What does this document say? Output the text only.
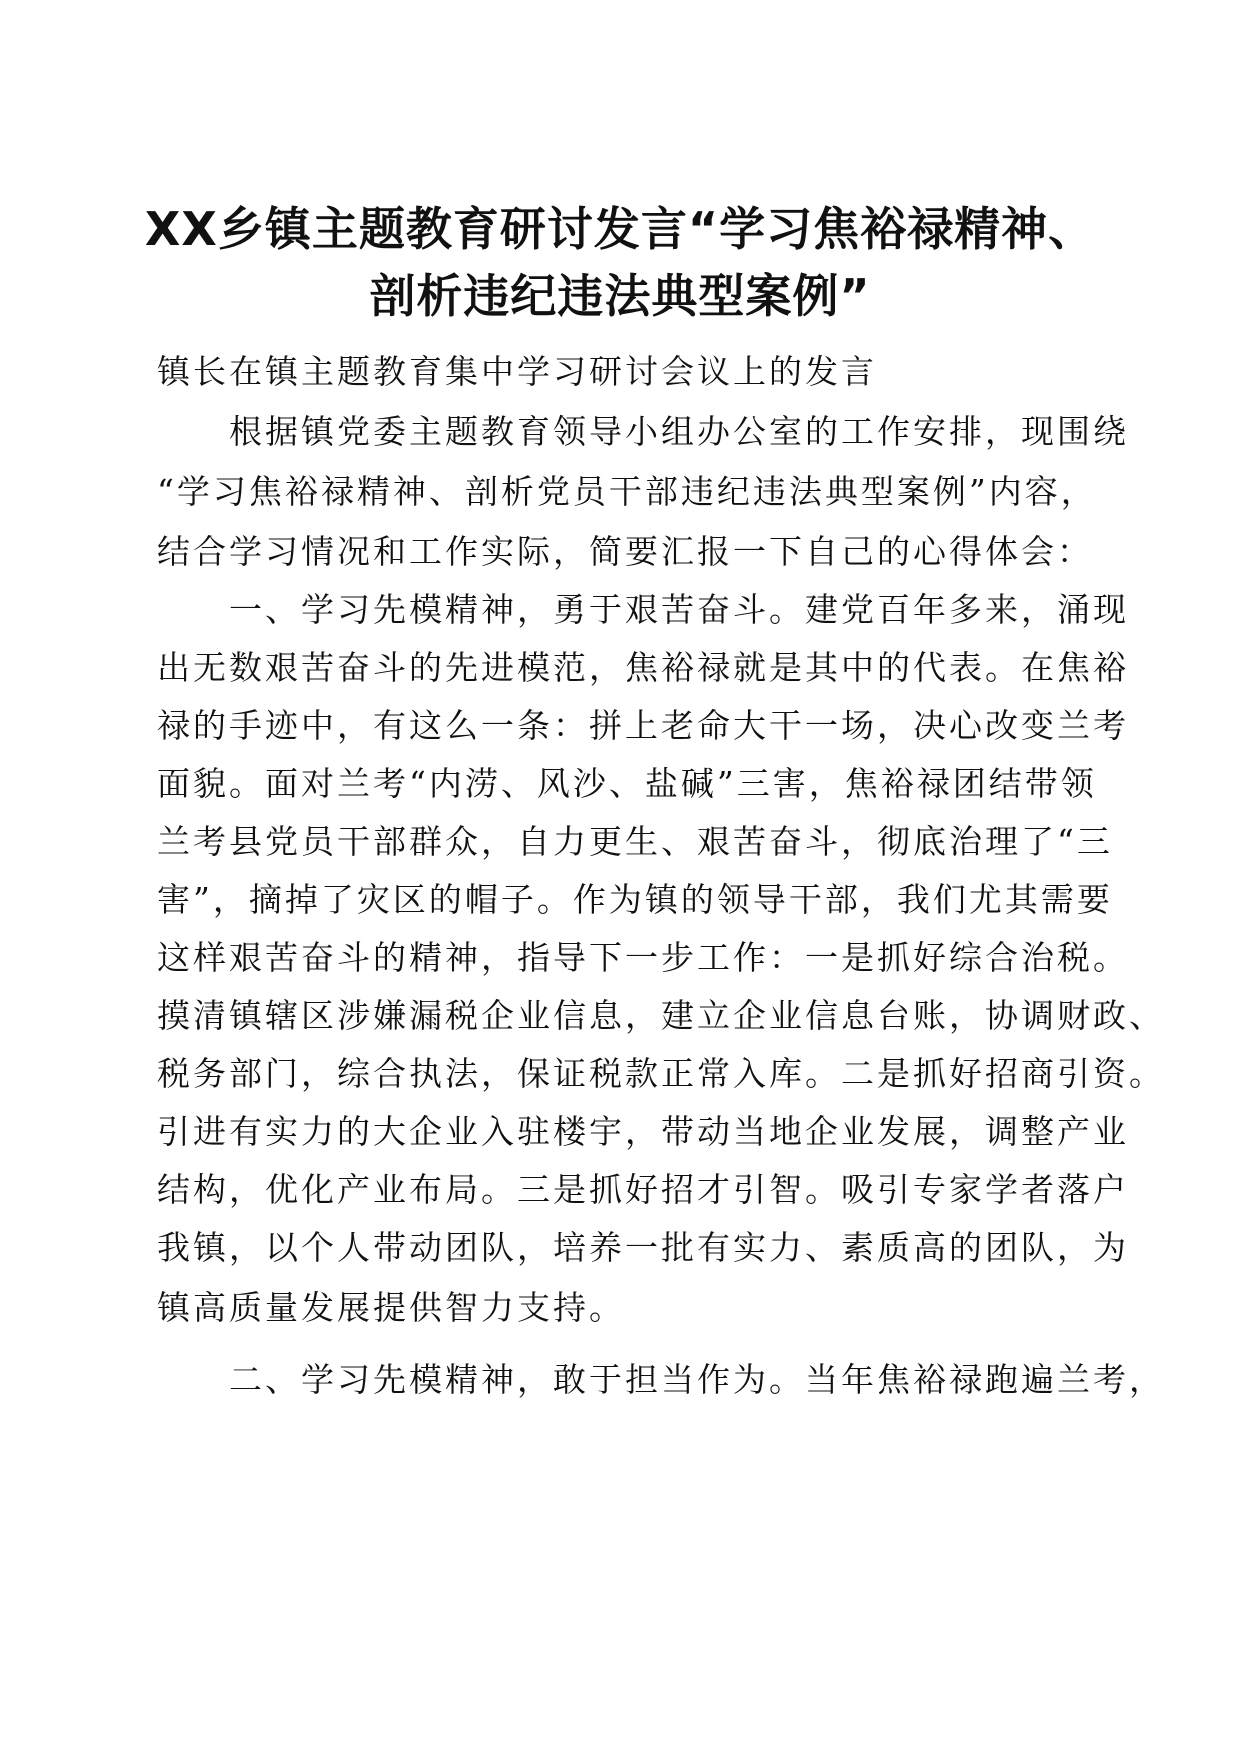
XX乡镇主题教育研讨发言“学习焦裕禄精神、
剖析违纪违法典型案例”
镇长在镇主题教育集中学习研讨会议上的发言
　　根据镇党委主题教育领导小组办公室的工作安排，现围绕
“学习焦裕禄精神、剖析党员干部违纪违法典型案例”内容，
结合学习情况和工作实际，简要汇报一下自己的心得体会：
　　一、学习先模精神，勇于艰苦奋斗。建党百年多来，涌现
出无数艰苦奋斗的先进模范，焦裕禄就是其中的代表。在焦裕
禄的手迹中，有这么一条：拼上老命大干一场，决心改变兰考
面貌。面对兰考“内涝、风沙、盐碱”三害，焦裕禄团结带领
兰考县党员干部群众，自力更生、艰苦奋斗，彻底治理了“三
害”，摘掉了灾区的帽子。作为镇的领导干部，我们尤其需要
这样艰苦奋斗的精神，指导下一步工作：一是抓好综合治税。
摸清镇辖区涉嫌漏税企业信息，建立企业信息台账，协调财政、
税务部门，综合执法，保证税款正常入库。二是抓好招商引资。
引进有实力的大企业入驻楼宇，带动当地企业发展，调整产业
结构，优化产业布局。三是抓好招才引智。吸引专家学者落户
我镇，以个人带动团队，培养一批有实力、素质高的团队，为
镇高质量发展提供智力支持。
　　二、学习先模精神，敢于担当作为。当年焦裕禄跑遍兰考，
